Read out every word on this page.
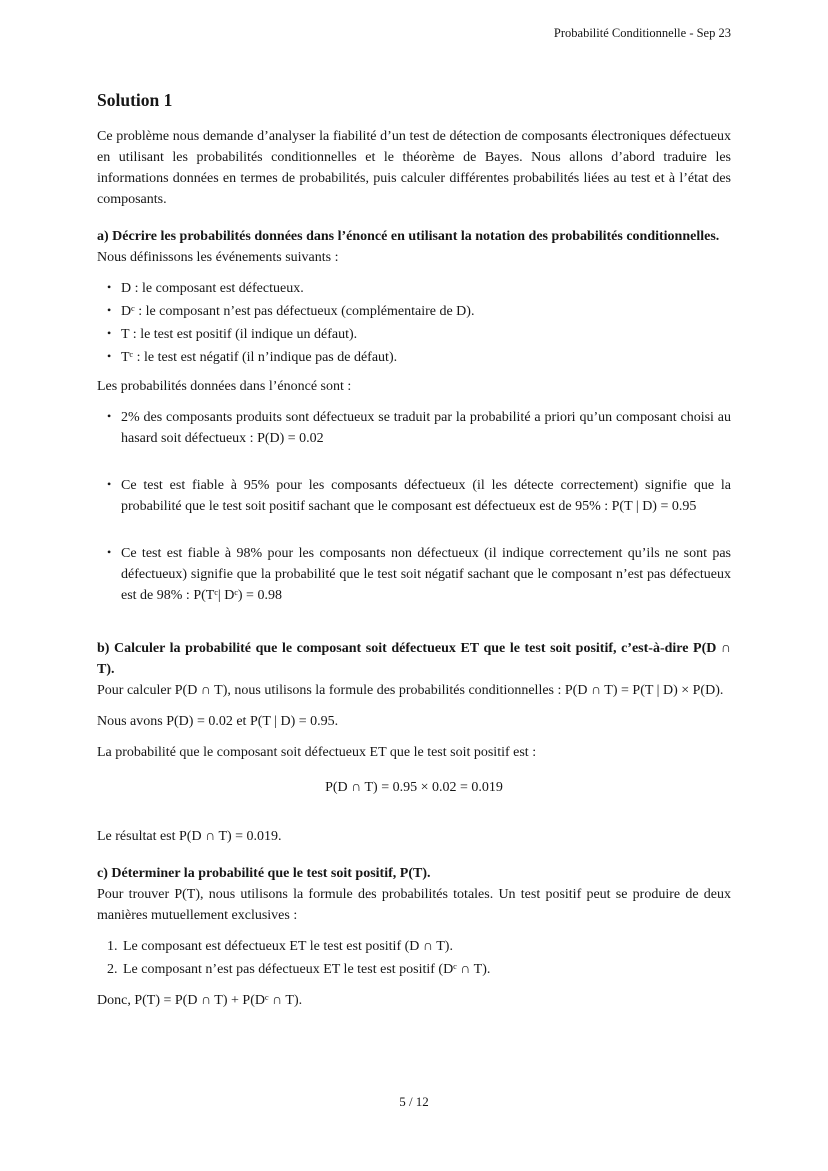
Probabilité Conditionnelle - Sep 23
Solution 1

Ce problème nous demande d’analyser la fiabilité d’un test de détection de composants électroniques défectueux en utilisant les probabilités conditionnelles et le théorème de Bayes. Nous allons d’abord traduire les informations données en termes de probabilités, puis calculer différentes probabilités liées au test et à l’état des composants.

a) Décrire les probabilités données dans l’énoncé en utilisant la notation des probabilités conditionnelles.

Nous définissons les événements suivants :

• D : le composant est défectueux.
• Dᶜ : le composant n’est pas défectueux (complémentaire de D).
• T : le test est positif (il indique un défaut).
• Tᶜ : le test est négatif (il n’indique pas de défaut).

Les probabilités données dans l’énoncé sont :

• 2% des composants produits sont défectueux se traduit par la probabilité a priori qu’un composant choisi au hasard soit défectueux : P(D) = 0.02
• Ce test est fiable à 95% pour les composants défectueux (il les détecte correctement) signifie que la probabilité que le test soit positif sachant que le composant est défectueux est de 95% : P(T | D) = 0.95
• Ce test est fiable à 98% pour les composants non défectueux (il indique correctement qu’ils ne sont pas défectueux) signifie que la probabilité que le test soit négatif sachant que le composant n’est pas défectueux est de 98% : P(Tᶜ| Dᶜ) = 0.98

b) Calculer la probabilité que le composant soit défectueux ET que le test soit positif, c’est-à-dire P(D ∩ T).

Pour calculer P(D ∩ T), nous utilisons la formule des probabilités conditionnelles : P(D ∩ T) = P(T | D) × P(D).

Nous avons P(D) = 0.02 et P(T | D) = 0.95.

La probabilité que le composant soit défectueux ET que le test soit positif est :

P(D ∩ T) = 0.95 × 0.02 = 0.019

Le résultat est P(D ∩ T) = 0.019.

c) Déterminer la probabilité que le test soit positif, P(T).

Pour trouver P(T), nous utilisons la formule des probabilités totales. Un test positif peut se produire de deux manières mutuellement exclusives :

1. Le composant est défectueux ET le test est positif (D ∩ T).
2. Le composant n’est pas défectueux ET le test est positif (Dᶜ ∩ T).

Donc, P(T) = P(D ∩ T) + P(Dᶜ ∩ T).

5 / 12
